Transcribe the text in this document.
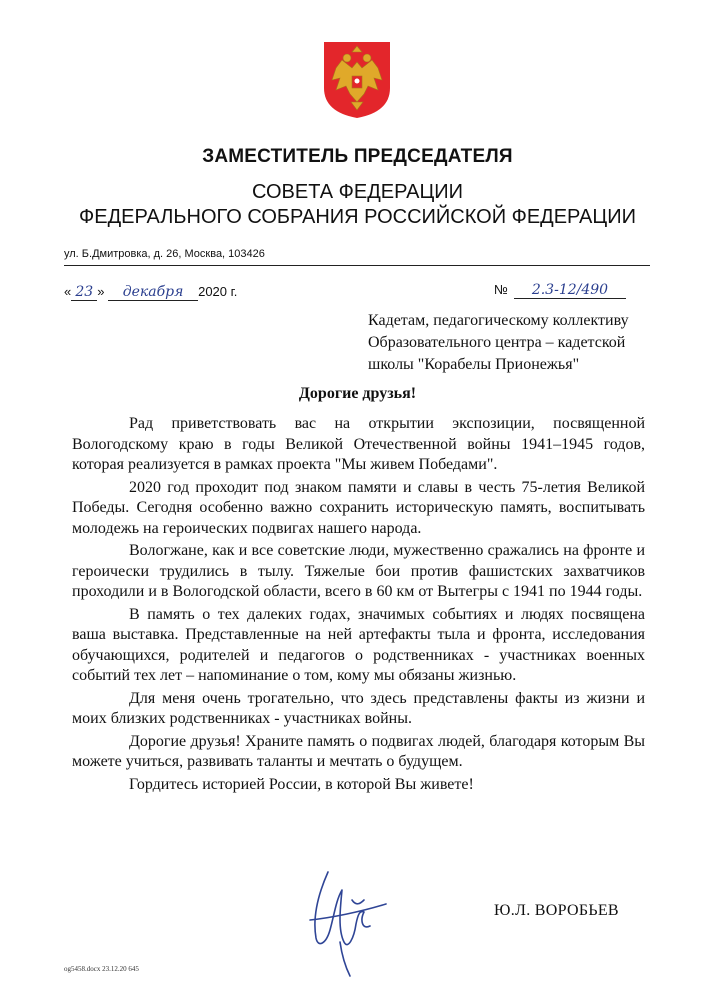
ЗАМЕСТИТЕЛЬ ПРЕДСЕДАТЕЛЯ
СОВЕТА ФЕДЕРАЦИИ
ФЕДЕРАЛЬНОГО СОБРАНИЯ РОССИЙСКОЙ ФЕДЕРАЦИИ
ул. Б.Дмитровка, д. 26, Москва, 103426
« 23 » декабря 2020 г.	№ 2.3-12/490
Кадетам, педагогическому коллективу
Образовательного центра – кадетской
школы "Корабелы Прионежья"
Дорогие друзья!

Рад приветствовать вас на открытии экспозиции, посвященной Вологодскому краю в годы Великой Отечественной войны 1941–1945 годов, которая реализуется в рамках проекта "Мы живем Победами".

2020 год проходит под знаком памяти и славы в честь 75-летия Великой Победы. Сегодня особенно важно сохранить историческую память, воспитывать молодежь на героических подвигах нашего народа.

Вологжане, как и все советские люди, мужественно сражались на фронте и героически трудились в тылу. Тяжелые бои против фашистских захватчиков проходили и в Вологодской области, всего в 60 км от Вытегры с 1941 по 1944 годы.

В память о тех далеких годах, значимых событиях и людях посвящена ваша выставка. Представленные на ней артефакты тыла и фронта, исследования обучающихся, родителей и педагогов о родственниках - участниках военных событий тех лет – напоминание о том, кому мы обязаны жизнью.

Для меня очень трогательно, что здесь представлены факты из жизни и моих близких родственниках - участниках войны.

Дорогие друзья! Храните память о подвигах людей, благодаря которым Вы можете учиться, развивать таланты и мечтать о будущем.

Гордитесь историей России, в которой Вы живете!

Ю.Л. ВОРОБЬЕВ
og5458.docx 23.12.20 645
